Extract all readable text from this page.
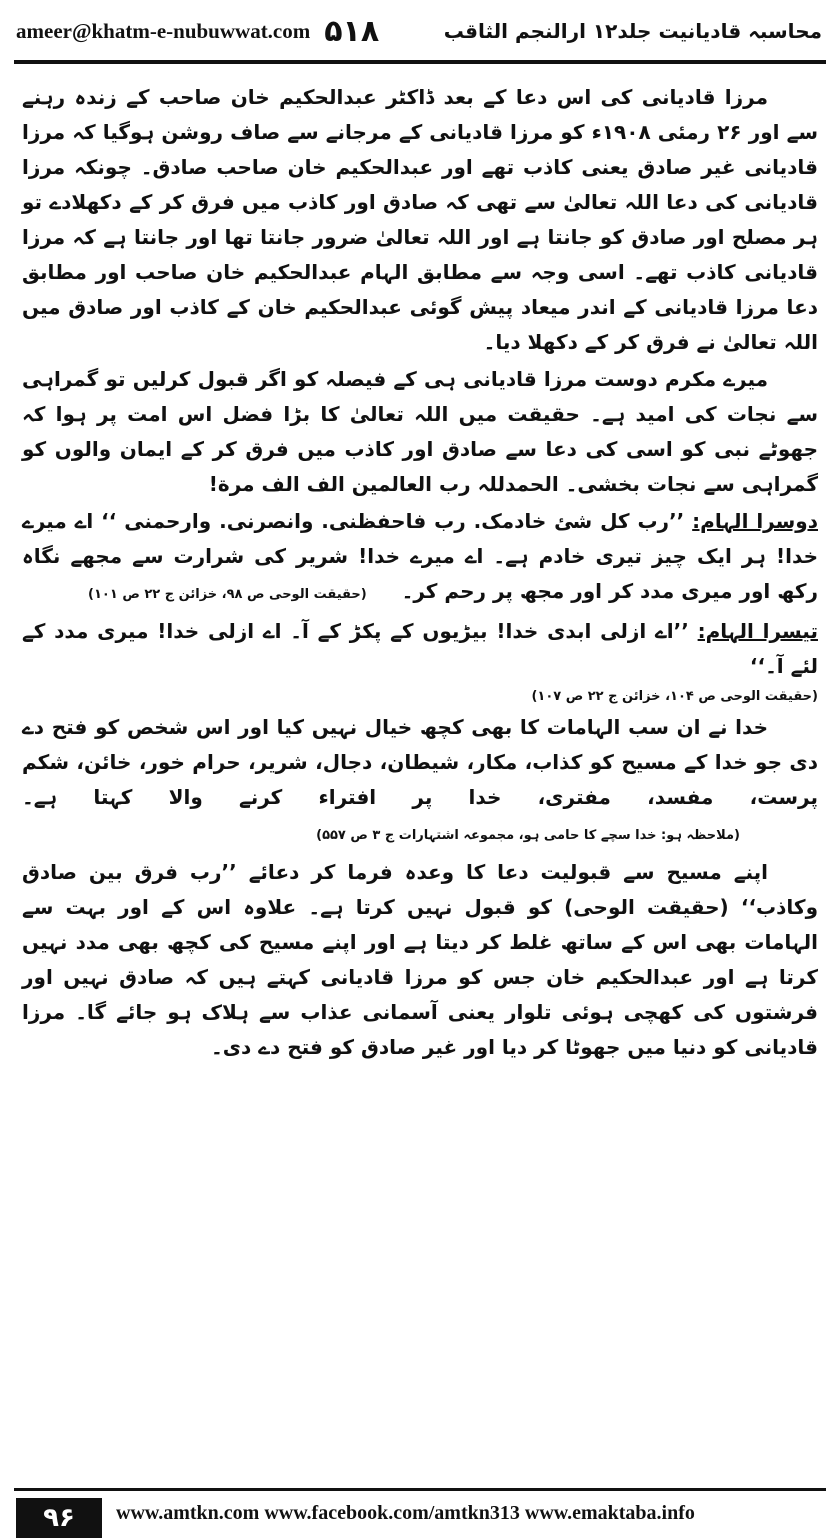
ameer@khatm-e-nubuwwat.com ۵۱۸	محاسبہ قادیانیت جلد۱۲ ارالنجم الثاقب

مرزا قادیانی کی اس دعا کے بعد ڈاکٹر عبدالحکیم خان صاحب کے زندہ رہنے سے اور ۲۶ رمئی ۱۹۰۸ء کو مرزا قادیانی کے مرجانے سے صاف روشن ہوگیا کہ مرزا قادیانی غیر صادق یعنی کاذب تھے اور عبدالحکیم خان صاحب صادق۔ چونکہ مرزا قادیانی کی دعا اللہ تعالیٰ سے تھی کہ صادق اور کاذب میں فرق کر کے دکھلادے تو ہر مصلح اور صادق کو جانتا ہے اور اللہ تعالیٰ ضرور جانتا تھا اور جانتا ہے کہ مرزا قادیانی کاذب تھے۔ اسی وجہ سے مطابق الہام عبدالحکیم خان صاحب اور مطابق دعا مرزا قادیانی کے اندر میعاد پیش گوئی عبدالحکیم خان کے کاذب اور صادق میں اللہ تعالیٰ نے فرق کر کے دکھلا دیا۔

میرے مکرم دوست مرزا قادیانی ہی کے فیصلہ کو اگر قبول کرلیں تو گمراہی سے نجات کی امید ہے۔ حقیقت میں اللہ تعالیٰ کا بڑا فضل اس امت پر ہوا کہ جھوٹے نبی کو اسی کی دعا سے صادق اور کاذب میں فرق کر کے ایمان والوں کو گمراہی سے نجات بخشی۔ الحمدللہ رب العالمین الف الف مرة!

دوسرا الہام: ’’رب کل شئ خادمک. رب فاحفظنی. وانصرنی. وارحمنی ‘‘ اے میرے خدا! ہر ایک چیز تیری خادم ہے۔ اے میرے خدا! شریر کی شرارت سے مجھے نگاہ رکھ اور میری مدد کر اور مجھ پر رحم کر۔ (حقیقت الوحی ص ۹۸، خزائن ج ۲۲ ص ۱۰۱)

تیسرا الہام: ’’اے ازلی ابدی خدا! بیڑیوں کے پکڑ کے آ۔ اے ازلی خدا! میری مدد کے لئے آ۔‘‘

(حقیقت الوحی ص ۱۰۴، خزائن ج ۲۲ ص ۱۰۷)

خدا نے ان سب الہامات کا بھی کچھ خیال نہیں کیا اور اس شخص کو فتح دے دی جو خدا کے مسیح کو کذاب، مکار، شیطان، دجال، شریر، حرام خور، خائن، شکم پرست، مفسد، مفتری، خدا پر افتراء کرنے والا کہتا ہے۔ (ملاحظہ ہو: خدا سچے کا حامی ہو، مجموعہ اشتہارات ج ۳ ص ۵۵۷)

اپنے مسیح سے قبولیت دعا کا وعدہ فرما کر دعائے ’’رب فرق بین صادق وکاذب‘‘ (حقیقت الوحی) کو قبول نہیں کرتا ہے۔ علاوہ اس کے اور بہت سے الہامات بھی اس کے ساتھ غلط کر دیتا ہے اور اپنے مسیح کی کچھ بھی مدد نہیں کرتا ہے اور عبدالحکیم خان جس کو مرزا قادیانی کہتے ہیں کہ صادق نہیں اور فرشتوں کی کھچی ہوئی تلوار یعنی آسمانی عذاب سے ہلاک ہو جائے گا۔ مرزا قادیانی کو دنیا میں جھوٹا کر دیا اور غیر صادق کو فتح دے دی۔

۹۶	www.amtkn.com www.facebook.com/amtkn313 www.emaktaba.info
